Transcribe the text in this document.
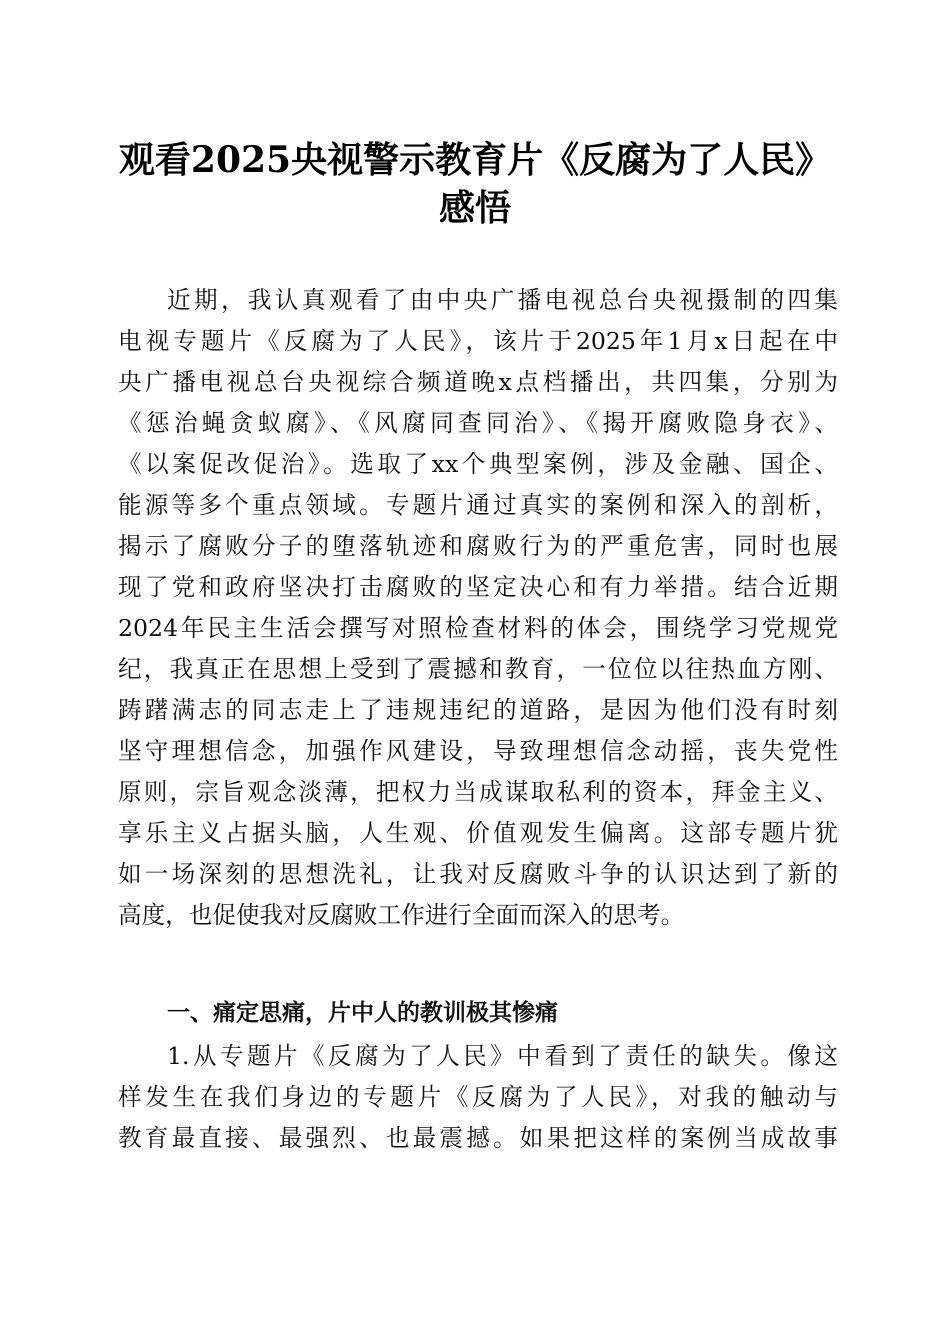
观看2025央视警示教育片《反腐为了人民》
感悟

近期，我认真观看了由中央广播电视总台央视摄制的四集

电视专题片《反腐为了人民》，该片于2025年1月x日起在中

央广播电视总台央视综合频道晚x点档播出，共四集，分别为

《惩治蝇贪蚁腐》、《风腐同查同治》、《揭开腐败隐身衣》、

《以案促改促治》。选取了xx个典型案例，涉及金融、国企、

能源等多个重点领域。专题片通过真实的案例和深入的剖析，

揭示了腐败分子的堕落轨迹和腐败行为的严重危害，同时也展

现了党和政府坚决打击腐败的坚定决心和有力举措。结合近期

2024年民主生活会撰写对照检查材料的体会，围绕学习党规党

纪，我真正在思想上受到了震撼和教育，一位位以往热血方刚、

踌躇满志的同志走上了违规违纪的道路，是因为他们没有时刻

坚守理想信念，加强作风建设，导致理想信念动摇，丧失党性

原则，宗旨观念淡薄，把权力当成谋取私利的资本，拜金主义、

享乐主义占据头脑，人生观、价值观发生偏离。这部专题片犹

如一场深刻的思想洗礼，让我对反腐败斗争的认识达到了新的

高度，也促使我对反腐败工作进行全面而深入的思考。

一、痛定思痛，片中人的教训极其惨痛

1.从专题片《反腐为了人民》中看到了责任的缺失。像这

样发生在我们身边的专题片《反腐为了人民》，对我的触动与

教育最直接、最强烈、也最震撼。如果把这样的案例当成故事
